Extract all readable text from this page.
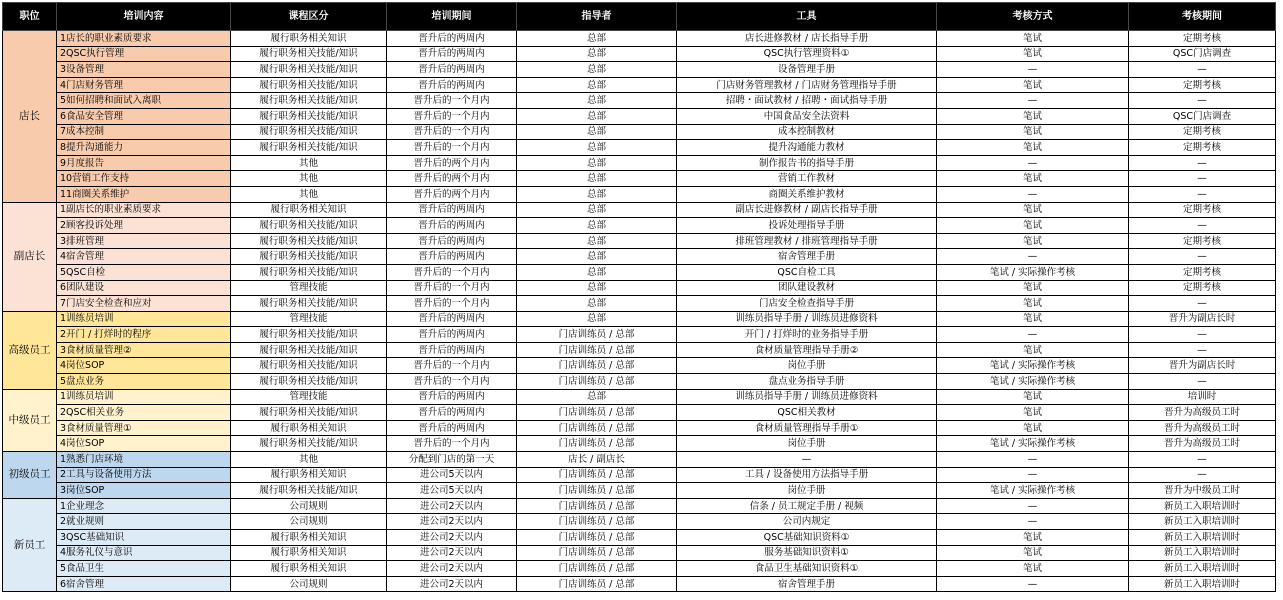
职位	培训内容	课程区分	培训期间	指导者	工具	考核方式	考核期间
店长	1店长的职业素质要求	履行职务相关知识	晋升后的两周内	总部	店长进修教材 / 店长指导手册	笔试	定期考核
	2QSC执行管理	履行职务相关技能/知识	晋升后的两周内	总部	QSC执行管理资料①	笔试	QSC门店调查
	3设备管理	履行职务相关技能/知识	晋升后的两周内	总部	设备管理手册	—	—
	4门店财务管理	履行职务相关技能/知识	晋升后的两周内	总部	门店财务管理教材 / 门店财务管理指导手册	笔试	定期考核
	5如何招聘和面试入离职	履行职务相关技能/知识	晋升后的一个月内	总部	招聘・面试教材 / 招聘・面试指导手册	—	—
	6食品安全管理	履行职务相关技能/知识	晋升后的一个月内	总部	中国食品安全法资料	笔试	QSC门店调查
	7成本控制	履行职务相关技能/知识	晋升后的一个月内	总部	成本控制教材	笔试	定期考核
	8提升沟通能力	履行职务相关技能/知识	晋升后的一个月内	总部	提升沟通能力教材	笔试	定期考核
	9月度报告	其他	晋升后的两个月内	总部	制作报告书的指导手册	—	—
	10营销工作支持	其他	晋升后的两个月内	总部	营销工作教材	笔试	—
	11商圈关系维护	其他	晋升后的两个月内	总部	商圈关系维护教材	—	—
副店长	1副店长的职业素质要求	履行职务相关知识	晋升后的两周内	总部	副店长进修教材 / 副店长指导手册	笔试	定期考核
	2顾客投诉处理	履行职务相关技能/知识	晋升后的两周内	总部	投诉处理指导手册	笔试	—
	3排班管理	履行职务相关技能/知识	晋升后的两周内	总部	排班管理教材 / 排班管理指导手册	笔试	定期考核
	4宿舍管理	履行职务相关技能/知识	晋升后的两周内	总部	宿舍管理手册	—	—
	5QSC自检	履行职务相关技能/知识	晋升后的一个月内	总部	QSC自检工具	笔试 / 实际操作考核	定期考核
	6团队建设	管理技能	晋升后的一个月内	总部	团队建设教材	笔试	定期考核
	7门店安全检查和应对	履行职务相关技能/知识	晋升后的一个月内	总部	门店安全检查指导手册	笔试	—
高级员工	1训练员培训	管理技能	晋升后的两周内	总部	训练员指导手册 / 训练员进修资料	笔试	晋升为副店长时
	2开门 / 打烊时的程序	履行职务相关技能/知识	晋升后的两周内	门店训练员 / 总部	开门 / 打烊时的业务指导手册	—	—
	3食材质量管理②	履行职务相关技能/知识	晋升后的两周内	门店训练员 / 总部	食材质量管理指导手册②	笔试	—
	4岗位SOP	履行职务相关技能/知识	晋升后的一个月内	门店训练员 / 总部	岗位手册	笔试 / 实际操作考核	晋升为副店长时
	5盘点业务	履行职务相关技能/知识	晋升后的一个月内	门店训练员 / 总部	盘点业务指导手册	笔试 / 实际操作考核	—
中级员工	1训练员培训	管理技能	晋升后的两周内	总部	训练员指导手册 / 训练员进修资料	笔试	培训时
	2QSC相关业务	履行职务相关技能/知识	晋升后的两周内	门店训练员 / 总部	QSC相关教材	笔试	晋升为高级员工时
	3食材质量管理①	履行职务相关知识	晋升后的两周内	门店训练员 / 总部	食材质量管理指导手册①	笔试	晋升为高级员工时
	4岗位SOP	履行职务相关技能/知识	晋升后的一个月内	门店训练员 / 总部	岗位手册	笔试 / 实际操作考核	晋升为高级员工时
初级员工	1熟悉门店环境	其他	分配到门店的第一天	店长 / 副店长	—	—	—
	2工具与设备使用方法	履行职务相关知识	进公司5天以内	门店训练员 / 总部	工具 / 设备使用方法指导手册	—	—
	3岗位SOP	履行职务相关技能/知识	进公司5天以内	门店训练员 / 总部	岗位手册	笔试 / 实际操作考核	晋升为中级员工时
新员工	1企业理念	公司规则	进公司2天以内	门店训练员 / 总部	信条 / 员工规定手册 / 视频	—	新员工入职培训时
	2就业规则	公司规则	进公司2天以内	门店训练员 / 总部	公司内规定	—	新员工入职培训时
	3QSC基础知识	履行职务相关知识	进公司2天以内	门店训练员 / 总部	QSC基础知识资料①	笔试	新员工入职培训时
	4服务礼仪与意识	履行职务相关知识	进公司2天以内	门店训练员 / 总部	服务基础知识资料①	笔试	新员工入职培训时
	5食品卫生	履行职务相关知识	进公司2天以内	门店训练员 / 总部	食品卫生基础知识资料①	笔试	新员工入职培训时
	6宿舍管理	公司规则	进公司2天以内	门店训练员 / 总部	宿舍管理手册	—	新员工入职培训时
